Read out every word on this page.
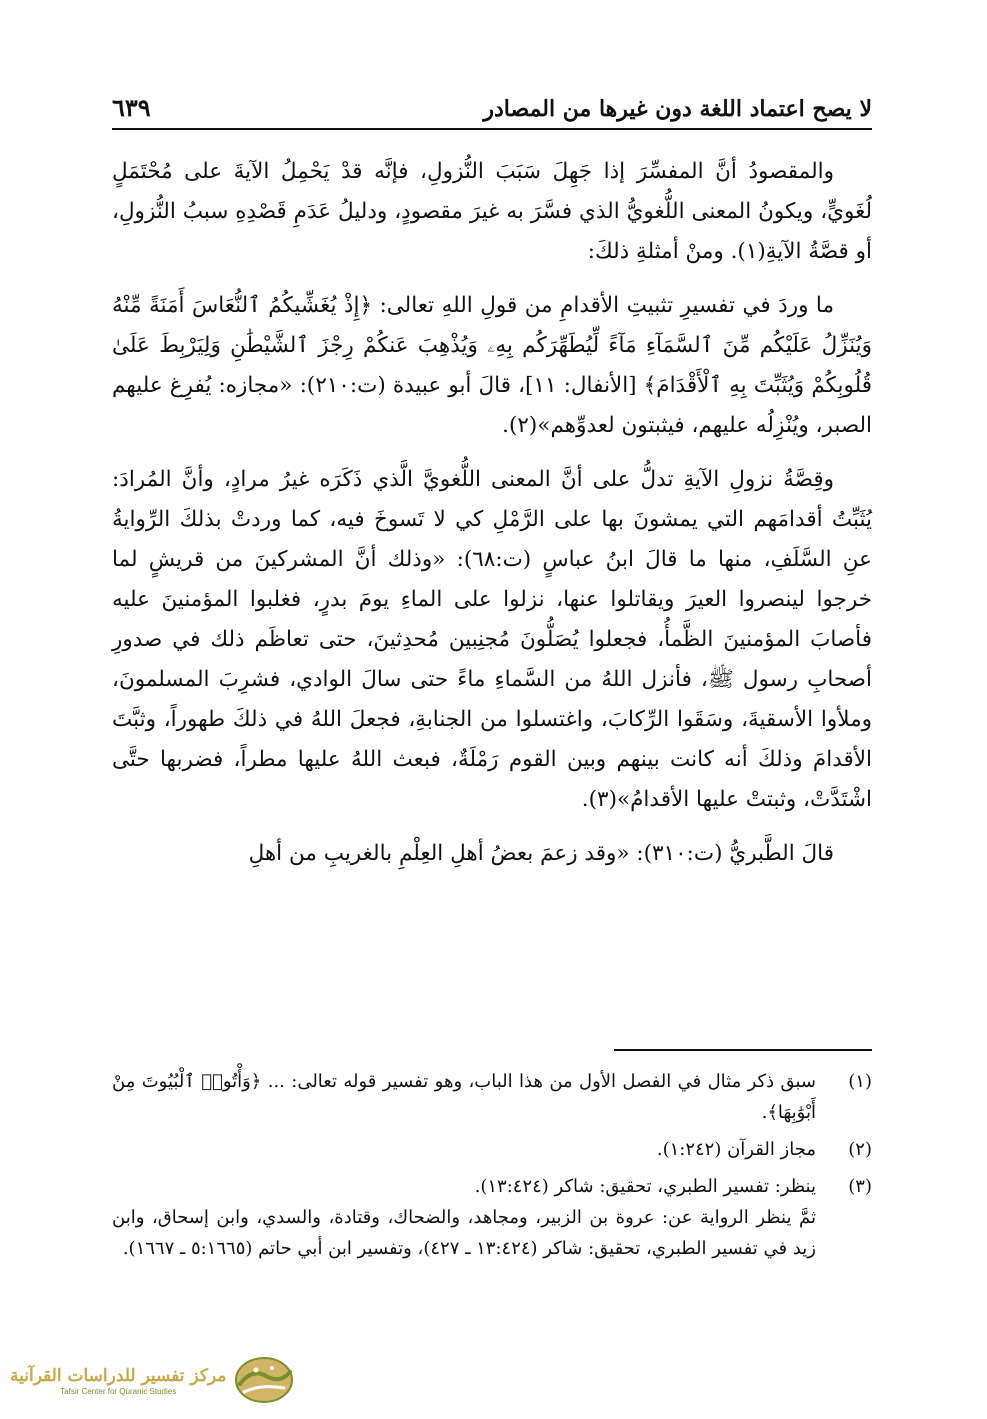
لا يصح اعتماد اللغة دون غيرها من المصادر
٦٣٩

والمقصودُ أنَّ المفسِّرَ إذا جَهِلَ سَبَبَ النُّزولِ، فإنَّه قدْ يَحْمِلُ الآيةَ على مُحْتَمَلٍ لُغَويٍّ، ويكونُ المعنى اللُّغويُّ الذي فسَّرَ به غيرَ مقصودٍ، ودليلُ عَدَمِ قَصْدِهِ سببُ النُّزولِ، أو قصَّةُ الآيةِ(١). ومنْ أمثلةِ ذلكَ:

ما وردَ في تفسيرِ تثبيتِ الأقدامِ من قولِ اللهِ تعالى: ﴿إِذْ يُغَشِّيكُمُ ٱلنُّعَاسَ أَمَنَةً مِّنْهُ وَيُنَزِّلُ عَلَيْكُم مِّنَ ٱلسَّمَآءِ مَآءً لِّيُطَهِّرَكُم بِهِۦ وَيُذْهِبَ عَنكُمْ رِجْزَ ٱلشَّيْطَٰنِ وَلِيَرْبِطَ عَلَىٰ قُلُوبِكُمْ وَيُثَبِّتَ بِهِ ٱلْأَقْدَامَ﴾ [الأنفال: ١١]، قالَ أبو عبيدة (ت:٢١٠): «مجازه: يُفرِغ عليهم الصبر، ويُنْزِلُه عليهم، فيثبتون لعدوِّهم»(٢).

وقِصَّةُ نزولِ الآيةِ تدلُّ على أنَّ المعنى اللُّغويَّ الَّذي ذَكَرَه غيرُ مرادٍ، وأنَّ المُرادَ: يُثَبِّتُ أقدامَهم التي يمشونَ بها على الرَّمْلِ كي لا تَسوخَ فيه، كما وردتْ بذلكَ الرِّوايةُ عنِ السَّلَفِ، منها ما قالَ ابنُ عباسٍ (ت:٦٨): «وذلك أنَّ المشركينَ من قريشٍ لما خرجوا لينصروا العيرَ ويقاتلوا عنها، نزلوا على الماءِ يومَ بدرٍ، فغلبوا المؤمنينَ عليه فأصابَ المؤمنينَ الظَّمأُ، فجعلوا يُصَلُّونَ مُجنِبين مُحدِثينَ، حتى تعاظَم ذلك في صدورِ أصحابِ رسول ﷺ، فأنزل اللهُ من السَّماءِ ماءً حتى سالَ الوادي، فشرِبَ المسلمونَ، وملأوا الأسقيةَ، وسَقَوا الرِّكابَ، واغتسلوا من الجنابةِ، فجعلَ اللهُ في ذلكَ طهوراً، وثبَّتَ الأقدامَ وذلكَ أنه كانت بينهم وبين القوم رَمْلَةٌ، فبعث اللهُ عليها مطراً، فضربها حتَّى اشْتَدَّتْ، وثبتتْ عليها الأقدامُ»(٣).

قالَ الطَّبريُّ (ت:٣١٠): «وقد زعمَ بعضُ أهلِ العِلْمِ بالغريبِ من أهلِ

(١)
سبق ذكر مثال في الفصل الأول من هذا الباب، وهو تفسير قوله تعالى: ... ﴿وَأْتُوا۟ ٱلْبُيُوتَ مِنْ أَبْوَٰبِهَا﴾.
(٢)
مجاز القرآن (١:٢٤٢).
(٣)
ينظر: تفسير الطبري، تحقيق: شاكر (١٣:٤٢٤).
ثمَّ ينظر الرواية عن: عروة بن الزبير، ومجاهد، والضحاك، وقتادة، والسدي، وابن إسحاق، وابن زيد في تفسير الطبري، تحقيق: شاكر (١٣:٤٢٤ ـ ٤٢٧)، وتفسير ابن أبي حاتم (٥:١٦٦٥ ـ ١٦٦٧).
مركز تفسير للدراسات القرآنية
Tafsir Center for Quranic Studies
